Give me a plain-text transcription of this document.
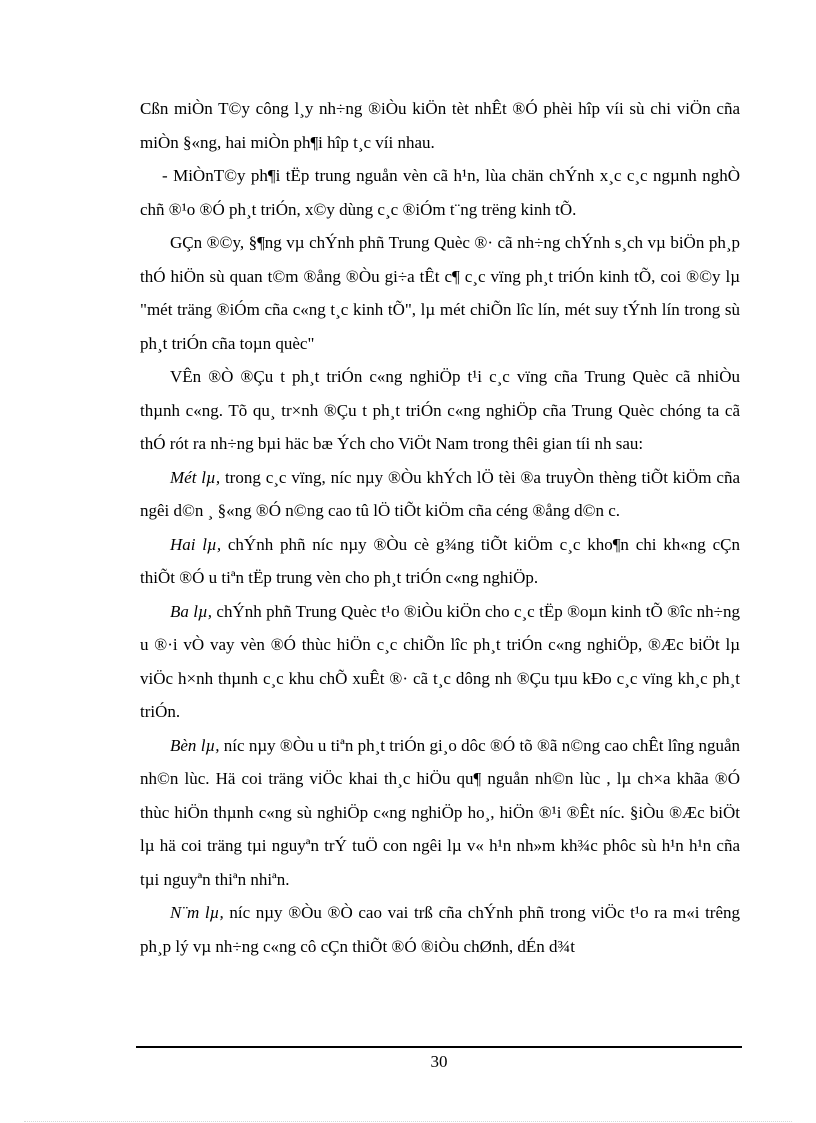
Cßn miÒn T©y công l¸y nh÷ng ®iÒu kiÖn tèt nhÊt ®Ó phèi hîp víi sù chi viÖn cña miÒn §«ng, hai miÒn ph¶i hîp t¸c víi nhau.

- MiÒnT©y ph¶i tËp trung nguån vèn cã h¹n, lùa chän chÝnh x¸c c¸c ngµnh nghÒ chñ ®¹o ®Ó ph¸t triÓn, x©y dùng c¸c ®iÓm t¨ng trëng kinh tÕ.

GÇn ®©y, §¶ng vµ chÝnh phñ Trung Quèc ®· cã nh÷ng chÝnh s¸ch vµ biÖn ph¸p thÓ hiÖn sù quan t©m ®ång ®Òu gi÷a tÊt c¶ c¸c vïng ph¸t triÓn kinh tÕ, coi ®©y lµ "mét träng ®iÓm cña c«ng t¸c kinh tÕ", lµ mét chiÕn lîc lín, mét suy tÝnh lín trong sù ph¸t triÓn cña toµn quèc"

VÊn ®Ò ®Çu t ph¸t triÓn c«ng nghiÖp t¹i c¸c vïng cña Trung Quèc cã nhiÒu thµnh c«ng. Tõ qu¸ tr×nh ®Çu t ph¸t triÓn c«ng nghiÖp cña Trung Quèc chóng ta cã thÓ rót ra nh÷ng bµi häc bæ Ých cho ViÖt Nam trong thêi gian tíi nh sau:

Mét lµ, trong c¸c vïng, níc nµy ®Òu khÝch lÖ tèi ®a truyÒn thèng tiÕt kiÖm cña ngêi d©n ¸ §«ng ®Ó n©ng cao tû lÖ tiÕt kiÖm cña céng ®ång d©n c.

Hai lµ, chÝnh phñ níc nµy ®Òu cè g¾ng tiÕt kiÖm c¸c kho¶n chi kh«ng cÇn thiÕt ®Ó u tiªn tËp trung vèn cho ph¸t triÓn c«ng nghiÖp.

Ba lµ, chÝnh phñ Trung Quèc t¹o ®iÒu kiÖn cho c¸c tËp ®oµn kinh tÕ ®îc nh÷ng u ®·i vÒ vay vèn ®Ó thùc hiÖn c¸c chiÕn lîc ph¸t triÓn c«ng nghiÖp, ®Æc biÖt lµ viÖc h×nh thµnh c¸c khu chÕ xuÊt ®· cã t¸c dông nh ®Çu tµu kÐo c¸c vïng kh¸c ph¸t triÓn.

Bèn lµ, níc nµy ®Òu u tiªn ph¸t triÓn gi¸o dôc ®Ó tõ ®ã n©ng cao chÊt lîng nguån nh©n lùc. Hä coi träng viÖc khai th¸c hiÖu qu¶ nguån nh©n lùc , lµ ch×a khãa ®Ó thùc hiÖn thµnh c«ng sù nghiÖp c«ng nghiÖp ho¸, hiÖn ®¹i ®Êt níc. §iÒu ®Æc biÖt lµ hä coi träng tµi nguyªn trÝ tuÖ con ngêi lµ v« h¹n nh»m kh¾c phôc sù h¹n h¹n cña tµi nguyªn thiªn nhiªn.

N¨m lµ, níc nµy ®Òu ®Ò cao vai trß cña chÝnh phñ trong viÖc t¹o ra m«i trêng ph¸p lý vµ nh÷ng c«ng cô cÇn thiÕt ®Ó ®iÒu chØnh, dÉn d¾t

30
